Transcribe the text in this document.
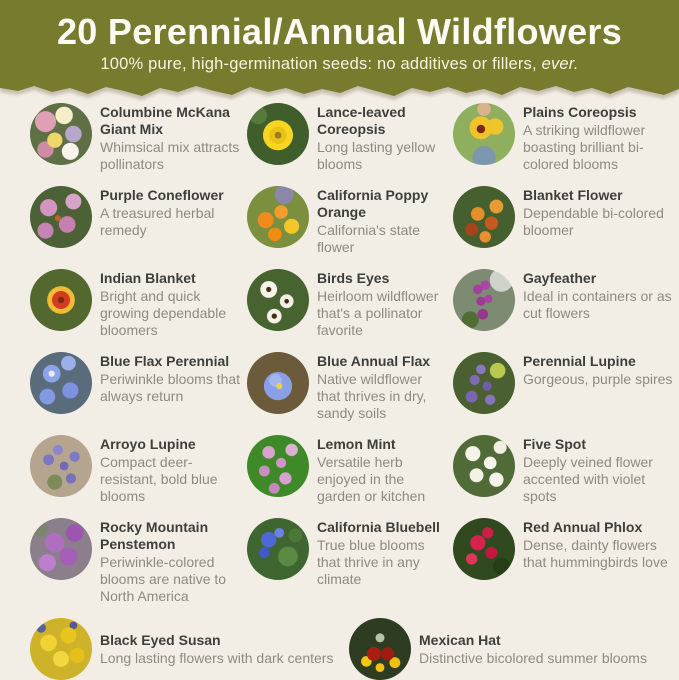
20 Perennial/Annual Wildflowers

100% pure, high-germination seeds: no additives or fillers, ever.

Columbine McKana Giant Mix
Whimsical mix attracts pollinators
Lance-leaved Coreopsis
Long lasting yellow blooms
Plains Coreopsis
A striking wildflower boasting brilliant bi-colored blooms
Purple Coneflower
A treasured herbal remedy
California Poppy Orange
California's state flower
Blanket Flower
Dependable bi-colored bloomer
Indian Blanket
Bright and quick growing dependable bloomers
Birds Eyes
Heirloom wildflower that's a pollinator favorite
Gayfeather
Ideal in containers or as cut flowers
Blue Flax Perennial
Periwinkle blooms that always return
Blue Annual Flax
Native wildflower that thrives in dry, sandy soils
Perennial Lupine
Gorgeous, purple spires
Arroyo Lupine
Compact deer-resistant, bold blue blooms
Lemon Mint
Versatile herb enjoyed in the garden or kitchen
Five Spot
Deeply veined flower accented with violet spots
Rocky Mountain Penstemon
Periwinkle-colored blooms are native to North America
California Bluebell
True blue blooms that thrive in any climate
Red Annual Phlox
Dense, dainty flowers that hummingbirds love
Black Eyed Susan
Long lasting flowers with dark centers
Mexican Hat
Distinctive bicolored summer blooms
